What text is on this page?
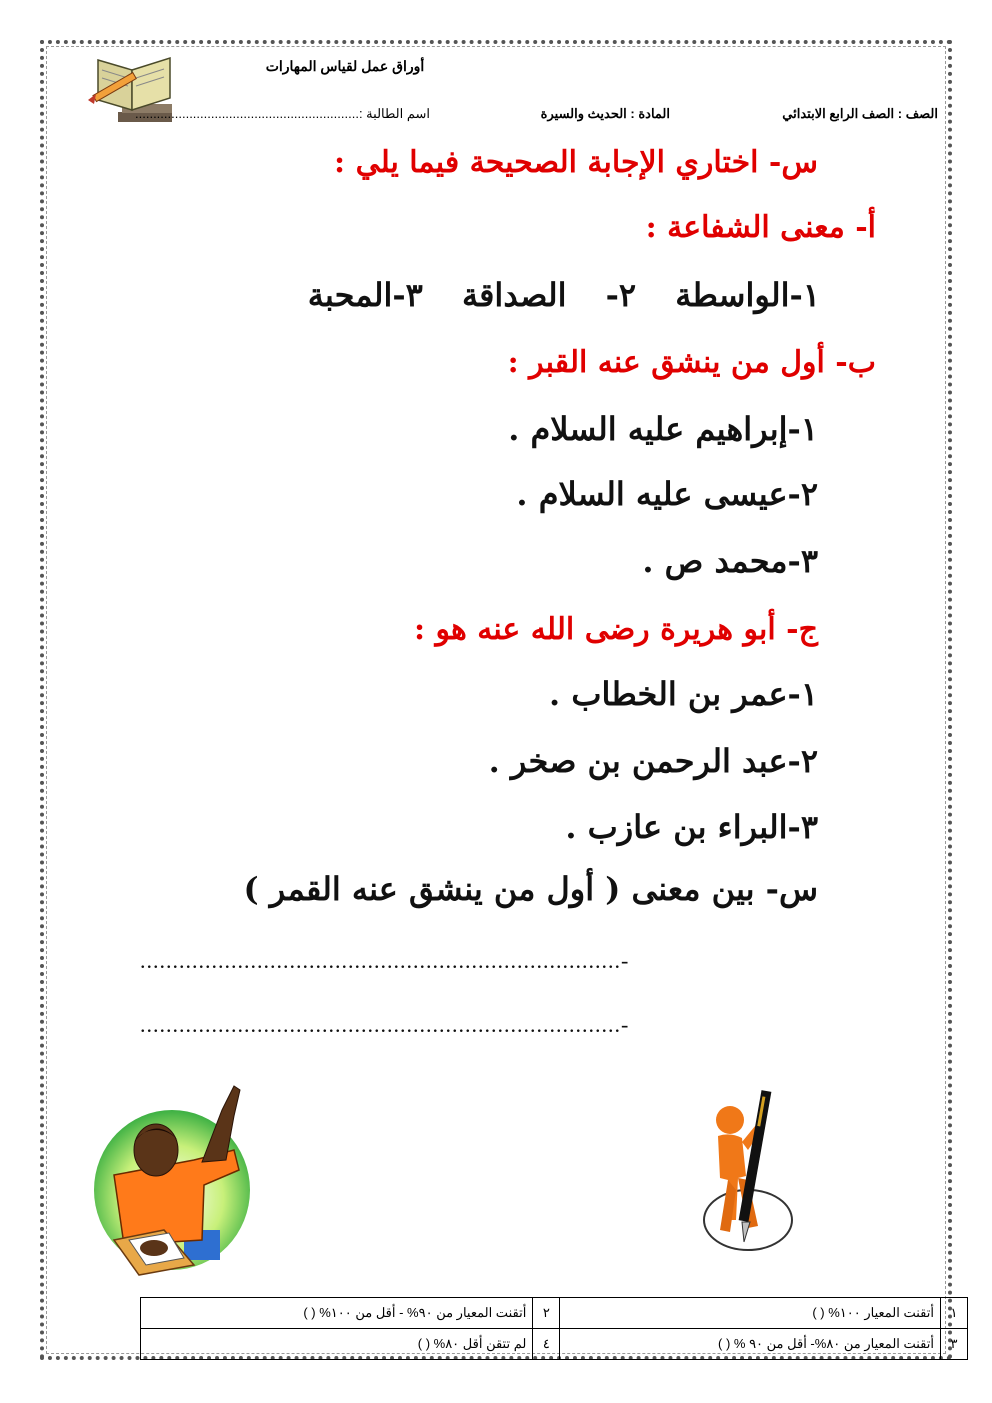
أوراق عمل لقياس المهارات
الصف : الصف الرابع الابتدائي
المادة : الحديث والسيرة
اسم الطالبة :..............................................................
س- اختاري الإجابة الصحيحة فيما يلي :
أ- معنى الشفاعة :
١-الواسطة ٢- الصداقة ٣-المحبة
ب- أول من ينشق عنه القبر :
١-إبراهيم عليه السلام .
٢-عيسى عليه السلام .
٣-محمد ص .
ج- أبو هريرة رضى الله عنه هو :
١-عمر بن الخطاب .
٢-عبد الرحمن بن صخر .
٣-البراء بن عازب .
س- بين معنى ( أول من ينشق عنه القمر )
..........................................................................-
..........................................................................-
١	أتقنت المعيار ١٠٠% ( )	٢	أتقنت المعيار من ٩٠% - أقل من ١٠٠% ( )
٣	أتقنت المعيار من ٨٠%- أقل من ٩٠ % ( )	٤	لم تتقن أقل ٨٠% ( )
